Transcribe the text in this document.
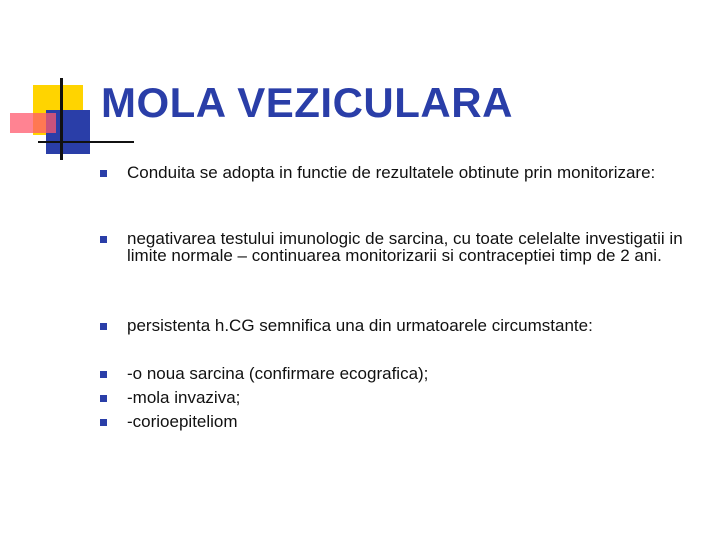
MOLA VEZICULARA
Conduita se adopta in functie de rezultatele obtinute prin monitorizare:
negativarea testului imunologic de sarcina, cu toate celelalte investigatii in limite normale – continuarea monitorizarii si contraceptiei timp de 2 ani.
persistenta h.CG semnifica una din urmatoarele circumstante:
-o noua sarcina (confirmare ecografica);
-mola invaziva;
-corioepiteliom
